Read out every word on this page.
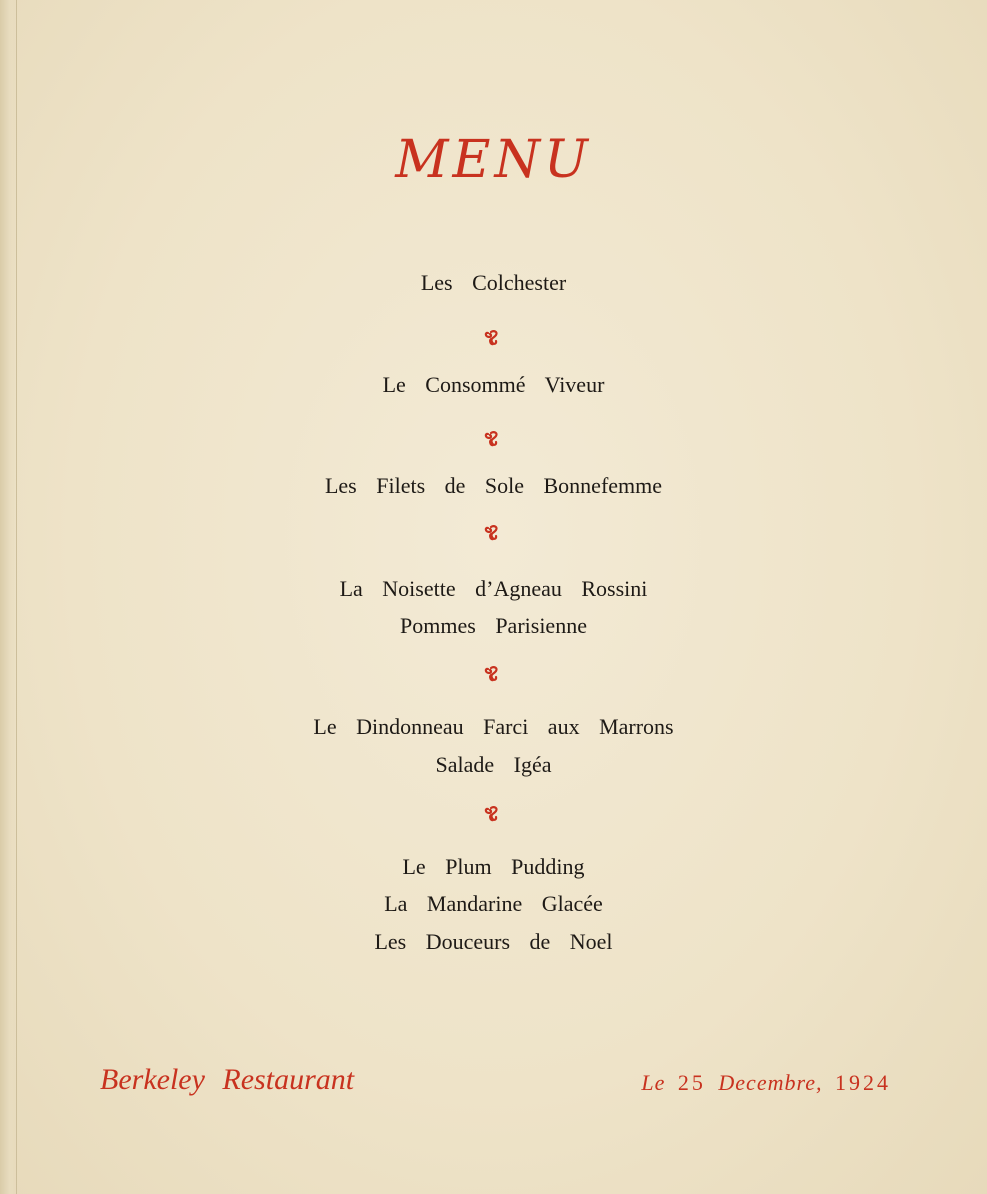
MENU
Les Colchester
Le Consommé Viveur
Les Filets de Sole Bonnefemme
La Noisette d’Agneau Rossini
Pommes Parisienne
Le Dindonneau Farci aux Marrons
Salade Igéa
Le Plum Pudding
La Mandarine Glacée
Les Douceurs de Noel
Berkeley Restaurant	Le 25 Decembre, 1924
